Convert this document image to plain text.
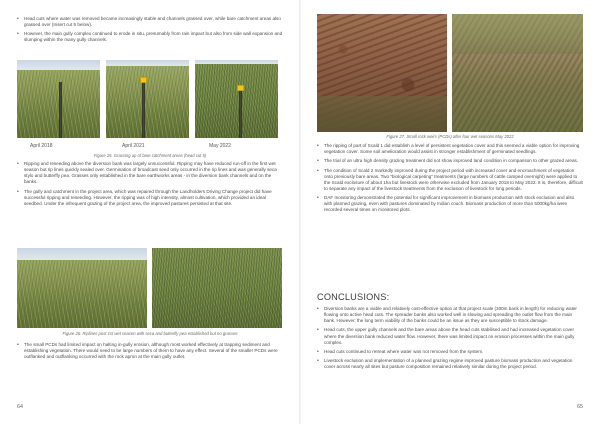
• Head cuts where water was removed became increasingly stable and channels grassed over, while bare catchment areas also grassed over (Insert cut 5 below).
• However, the main gully complex continued to erode in situ, presumably from rain impact but also from side wall expansion and slumping within the many gully channels.
April 2018	April 2021	May 2022
Figure 25. Grassing up of bare catchment areas (head cut 5)
• Ripping and reseeding above the diversion bank was largely unsuccessful. Ripping may have reduced run-off in the first wet season but rip lines quickly sealed over. Germination of broadcast seed only occurred in the rip lines and was generally seca stylo and butterfly pea. Grasses only established in the bare earthworks areas - in the diversion bank channels and on the banks.
• The gully and catchment in the project area, which was repaired through the Landholders Driving Change project did have successful ripping and reseeding. However, the ripping was of high intensity, almost cultivation, which provided an ideal seedbed. Under the infrequent grazing of the project area, the improved pastures persisted at that site.
Figure 26. Riplines post 1st wet season with seca and butterfly pea established but no grasses
• The small PCDs had limited impact on halting in-gully erosion, although most worked effectively at trapping sediment and establishing vegetation. There would need to be large numbers of them to have any effect. Several of the smaller PCDs were outflanked and outflanking occurred with the rock apron at the main gully outlet.
64
Figure 27. Small rock weirs (PCDs) after four wet seasons May 2022
• The ripping of part of Scald 1 did establish a level of persistent vegetation cover and this seemed a viable option for improving vegetation cover. Some soil amelioration would assist in stronger establishment of germinated seedlings.
• The trial of an ultra high density grazing treatment did not show improved land condition in comparison to other grazed areas.
• The condition of Scald 2 markedly improved during the project period with increased cover and encroachment of vegetation onto previously bare areas. Two "biological carpeting" treatments (large numbers of cattle camped overnight) were applied to the Scald exclosure of about 1ha but livestock were otherwise excluded from January 2018 to May 2022. It is, therefore, difficult to separate any impact of the livestock treatments from the exclusion of livestock for long periods.
• DAF monitoring demonstrated the potential for significant improvement in biomass production with stock exclusion and also with planned grazing, even with pastures dominated by Indian couch. Biomass production of more than 5000kg/ha were recorded several times on monitored plots.
CONCLUSIONS:
• Diversion banks are a viable and relatively cost-effective option at that project scale (300m bank in length) for reducing water flowing onto active head cuts. The spreader banks also worked well in slowing and spreading the outlet flow from the main bank. However, the long term viability of the banks could be an issue as they are susceptible to stock damage.
• Head cuts, the upper gully channels and the bare areas above the head cuts stabilised and had increased vegetation cover where the diversion bank reduced water flow. However, there was limited impact on erosion processes within the main gully complex.
• Head cuts continued to retreat where water was not removed from the system.
• Livestock exclusion and implementation of a planned grazing regime improved pasture biomass production and vegetation cover across nearly all sites but pasture composition remained relatively similar during the project period.
65
